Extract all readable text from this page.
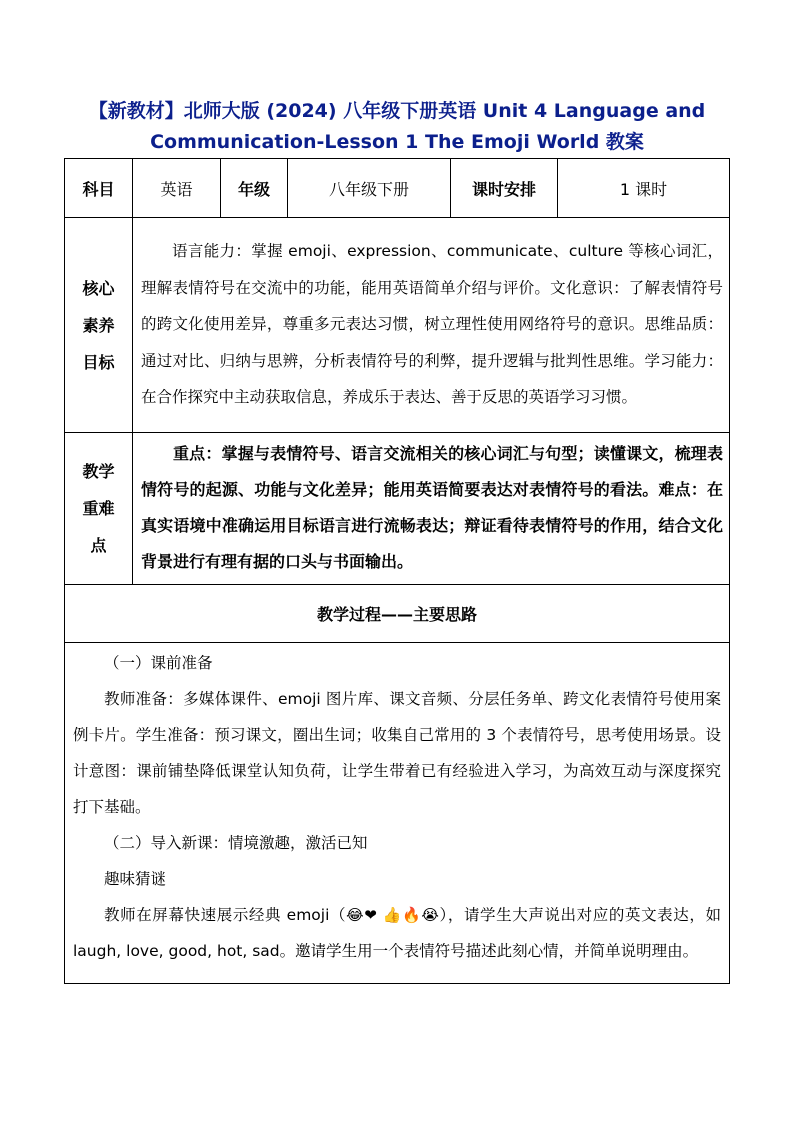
【新教材】北师大版 (2024) 八年级下册英语 Unit 4 Language and
Communication-Lesson 1 The Emoji World 教案
科目	英语	年级	八年级下册	课时安排	1 课时

核心素养目标	语言能力：掌握 emoji、expression、communicate、culture 等核心词汇，理解表情符号在交流中的功能，能用英语简单介绍与评价。文化意识：了解表情符号的跨文化使用差异，尊重多元表达习惯，树立理性使用网络符号的意识。思维品质：通过对比、归纳与思辨，分析表情符号的利弊，提升逻辑与批判性思维。学习能力：在合作探究中主动获取信息，养成乐于表达、善于反思的英语学习习惯。				

教学重难点	重点：掌握与表情符号、语言交流相关的核心词汇与句型；读懂课文，梳理表情符号的起源、功能与文化差异；能用英语简要表达对表情符号的看法。难点：在真实语境中准确运用目标语言进行流畅表达；辩证看待表情符号的作用，结合文化背景进行有理有据的口头与书面输出。				

教学过程——主要思路					

（一）课前准备

教师准备：多媒体课件、emoji 图片库、课文音频、分层任务单、跨文化表情符号使用案例卡片。学生准备：预习课文，圈出生词；收集自己常用的 3 个表情符号，思考使用场景。设计意图：课前铺垫降低课堂认知负荷，让学生带着已有经验进入学习，为高效互动与深度探究打下基础。

（二）导入新课：情境激趣，激活已知

趣味猜谜

教师在屏幕快速展示经典 emoji（😂❤ 👍🔥😭），请学生大声说出对应的英文表达，如 laugh, love, good, hot, sad。邀请学生用一个表情符号描述此刻心情，并简单说明理由。					
